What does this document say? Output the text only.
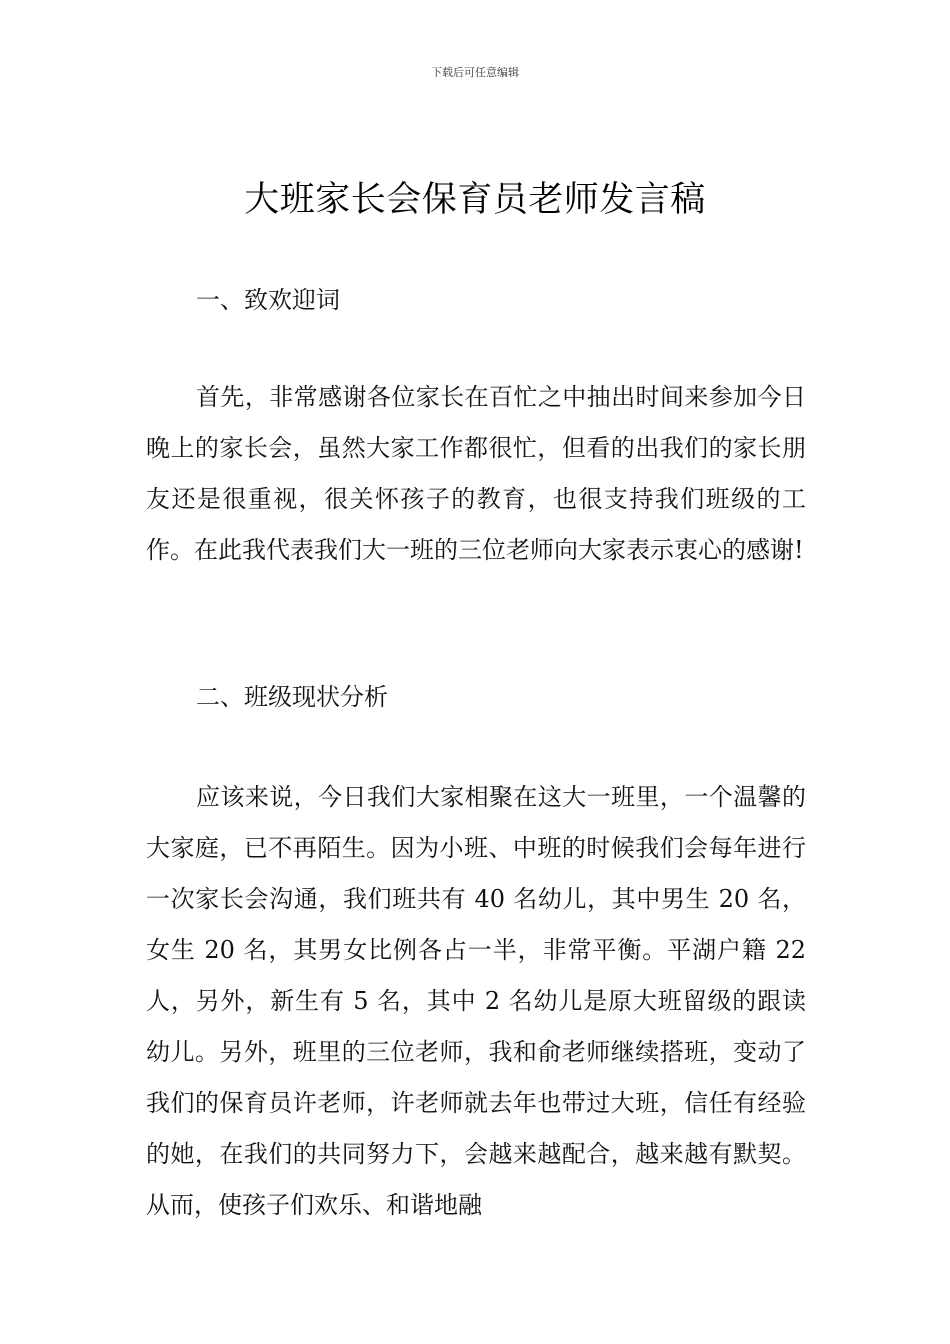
下载后可任意编辑
大班家长会保育员老师发言稿
一、致欢迎词

首先，非常感谢各位家长在百忙之中抽出时间来参加今日晚上的家长会，虽然大家工作都很忙，但看的出我们的家长朋友还是很重视，很关怀孩子的教育，也很支持我们班级的工作。在此我代表我们大一班的三位老师向大家表示衷心的感谢!

二、班级现状分析

应该来说，今日我们大家相聚在这大一班里，一个温馨的大家庭，已不再陌生。因为小班、中班的时候我们会每年进行一次家长会沟通，我们班共有 40 名幼儿，其中男生 20 名，女生 20 名，其男女比例各占一半，非常平衡。平湖户籍 22 人，另外，新生有 5 名，其中 2 名幼儿是原大班留级的跟读幼儿。另外，班里的三位老师，我和俞老师继续搭班，变动了我们的保育员许老师，许老师就去年也带过大班，信任有经验的她，在我们的共同努力下，会越来越配合，越来越有默契。从而，使孩子们欢乐、和谐地融
